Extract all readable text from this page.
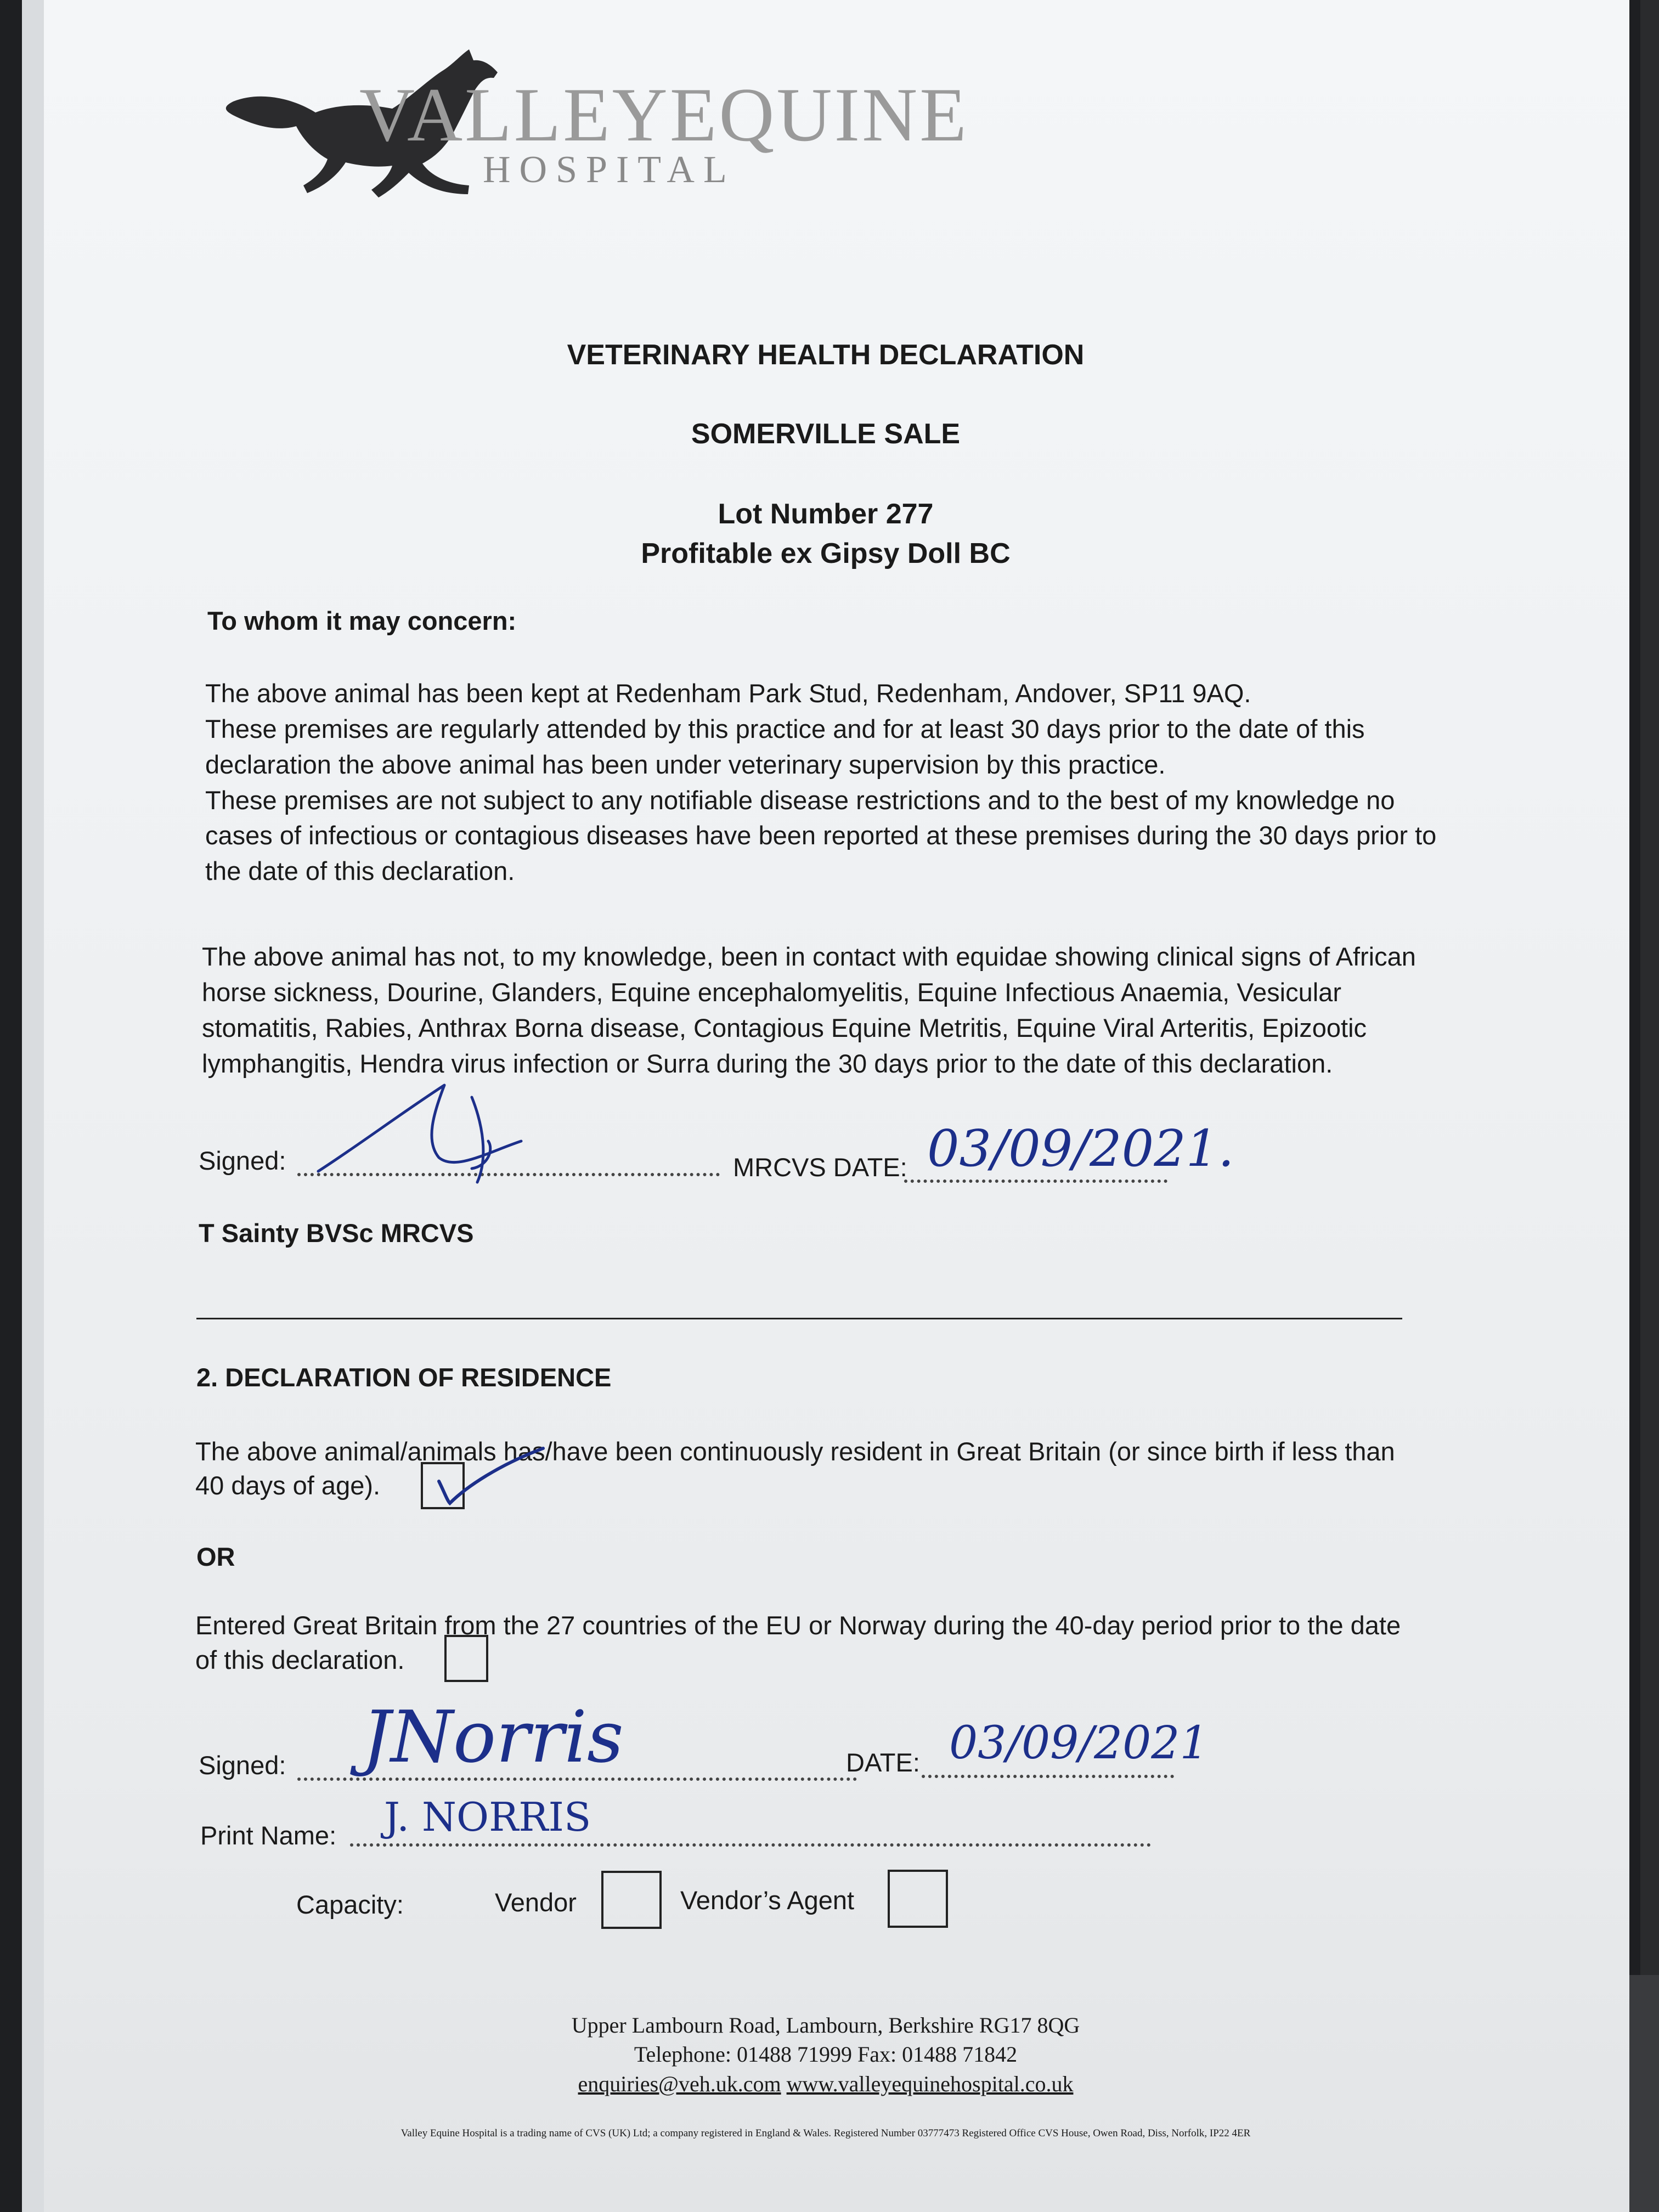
VALLEYEQUINE
HOSPITAL
VETERINARY HEALTH DECLARATION
SOMERVILLE SALE
Lot Number 277
Profitable ex Gipsy Doll BC
To whom it may concern:
The above animal has been kept at Redenham Park Stud, Redenham, Andover, SP11 9AQ.
These premises are regularly attended by this practice and for at least 30 days prior to the date of this
declaration the above animal has been under veterinary supervision by this practice.
These premises are not subject to any notifiable disease restrictions and to the best of my knowledge no
cases of infectious or contagious diseases have been reported at these premises during the 30 days prior to
the date of this declaration.
The above animal has not, to my knowledge, been in contact with equidae showing clinical signs of African
horse sickness, Dourine, Glanders, Equine encephalomyelitis, Equine Infectious Anaemia, Vesicular
stomatitis, Rabies, Anthrax Borna disease, Contagious Equine Metritis, Equine Viral Arteritis, Epizootic
lymphangitis, Hendra virus infection or Surra during the 30 days prior to the date of this declaration.
Signed:	MRCVS DATE: 03/09/2021.
T Sainty BVSc MRCVS
2. DECLARATION OF RESIDENCE
The above animal/animals has/have been continuously resident in Great Britain (or since birth if less than
40 days of age).
OR
Entered Great Britain from the 27 countries of the EU or Norway during the 40-day period prior to the date
of this declaration.
Signed: JNorris	DATE: 03/09/2021
Print Name: J. NORRIS
Capacity:	Vendor	Vendor’s Agent
Upper Lambourn Road, Lambourn, Berkshire RG17 8QG
Telephone: 01488 71999 Fax: 01488 71842
enquiries@veh.uk.com www.valleyequinehospital.co.uk
Valley Equine Hospital is a trading name of CVS (UK) Ltd; a company registered in England & Wales. Registered Number 03777473 Registered Office CVS House, Owen Road, Diss, Norfolk, IP22 4ER
